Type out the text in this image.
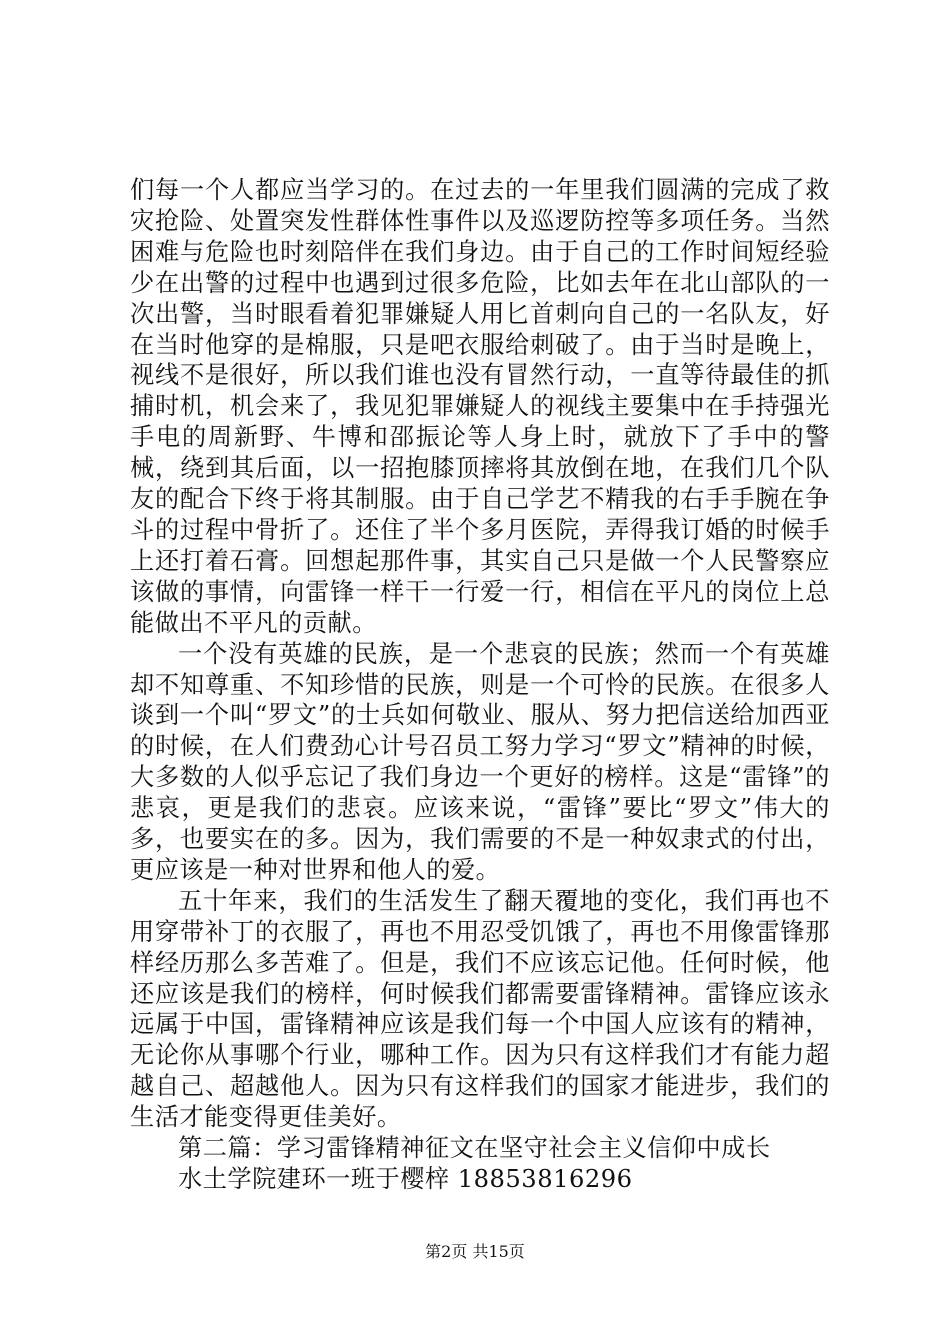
们每一个人都应当学习的。在过去的一年里我们圆满的完成了救灾抢险、处置突发性群体性事件以及巡逻防控等多项任务。当然困难与危险也时刻陪伴在我们身边。由于自己的工作时间短经验少在出警的过程中也遇到过很多危险，比如去年在北山部队的一次出警，当时眼看着犯罪嫌疑人用匕首刺向自己的一名队友，好在当时他穿的是棉服，只是吧衣服给刺破了。由于当时是晚上，视线不是很好，所以我们谁也没有冒然行动，一直等待最佳的抓捕时机，机会来了，我见犯罪嫌疑人的视线主要集中在手持强光手电的周新野、牛博和邵振论等人身上时，就放下了手中的警械，绕到其后面，以一招抱膝顶摔将其放倒在地，在我们几个队友的配合下终于将其制服。由于自己学艺不精我的右手手腕在争斗的过程中骨折了。还住了半个多月医院，弄得我订婚的时候手上还打着石膏。回想起那件事，其实自己只是做一个人民警察应该做的事情，向雷锋一样干一行爱一行，相信在平凡的岗位上总能做出不平凡的贡献。

一个没有英雄的民族，是一个悲哀的民族；然而一个有英雄却不知尊重、不知珍惜的民族，则是一个可怜的民族。在很多人谈到一个叫“罗文”的士兵如何敬业、服从、努力把信送给加西亚的时候，在人们费劲心计号召员工努力学习“罗文”精神的时候，大多数的人似乎忘记了我们身边一个更好的榜样。这是“雷锋”的悲哀，更是我们的悲哀。应该来说，“雷锋”要比“罗文”伟大的多，也要实在的多。因为，我们需要的不是一种奴隶式的付出，更应该是一种对世界和他人的爱。

五十年来，我们的生活发生了翻天覆地的变化，我们再也不用穿带补丁的衣服了，再也不用忍受饥饿了，再也不用像雷锋那样经历那么多苦难了。但是，我们不应该忘记他。任何时候，他还应该是我们的榜样，何时候我们都需要雷锋精神。雷锋应该永远属于中国，雷锋精神应该是我们每一个中国人应该有的精神，无论你从事哪个行业，哪种工作。因为只有这样我们才有能力超越自己、超越他人。因为只有这样我们的国家才能进步，我们的生活才能变得更佳美好。

第二篇：学习雷锋精神征文在坚守社会主义信仰中成长

水土学院建环一班于樱梓 18853816296

第2页 共15页
